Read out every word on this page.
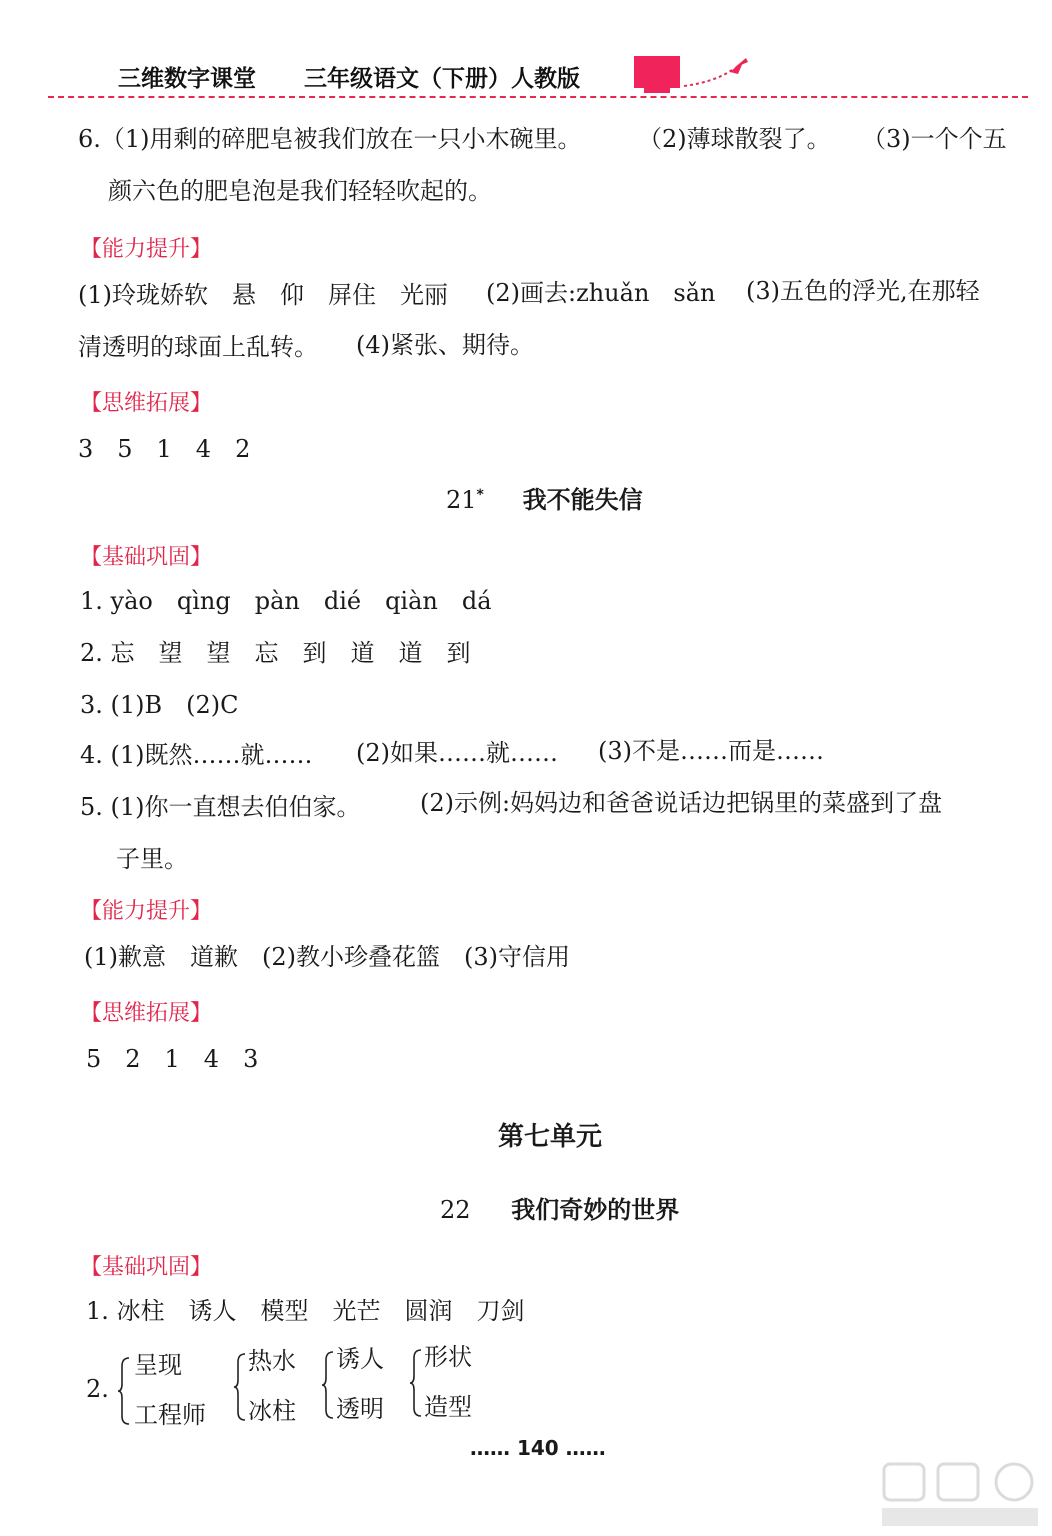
三维数字课堂 三年级语文（下册）人教版
6.（1)用剩的碎肥皂被我们放在一只小木碗里。 （2)薄球散裂了。 （3)一个个五
颜六色的肥皂泡是我们轻轻吹起的。
【能力提升】
(1)玲珑娇软　悬　仰　屏住　光丽 (2)画去:zhuǎn　sǎn (3)五色的浮光,在那轻
清透明的球面上乱转。 (4)紧张、期待。
【思维拓展】
3　5　1　4　2
21* 我不能失信
【基础巩固】
1. yào　qìng　pàn　dié　qiàn　dá
2. 忘　望　望　忘　到　道　道　到
3. (1)B　(2)C
4. (1)既然……就…… (2)如果……就…… (3)不是……而是……
5. (1)你一直想去伯伯家。 (2)示例:妈妈边和爸爸说话边把锅里的菜盛到了盘
子里。
【能力提升】
(1)歉意　道歉　(2)教小珍叠花篮　(3)守信用
【思维拓展】
5　2　1　4　3
第七单元
22 我们奇妙的世界
【基础巩固】
1. 冰柱　诱人　模型　光芒　圆润　刀剑
2.
呈现
工程师
热水
冰柱
诱人
透明
形状
造型
…… 140 ……
